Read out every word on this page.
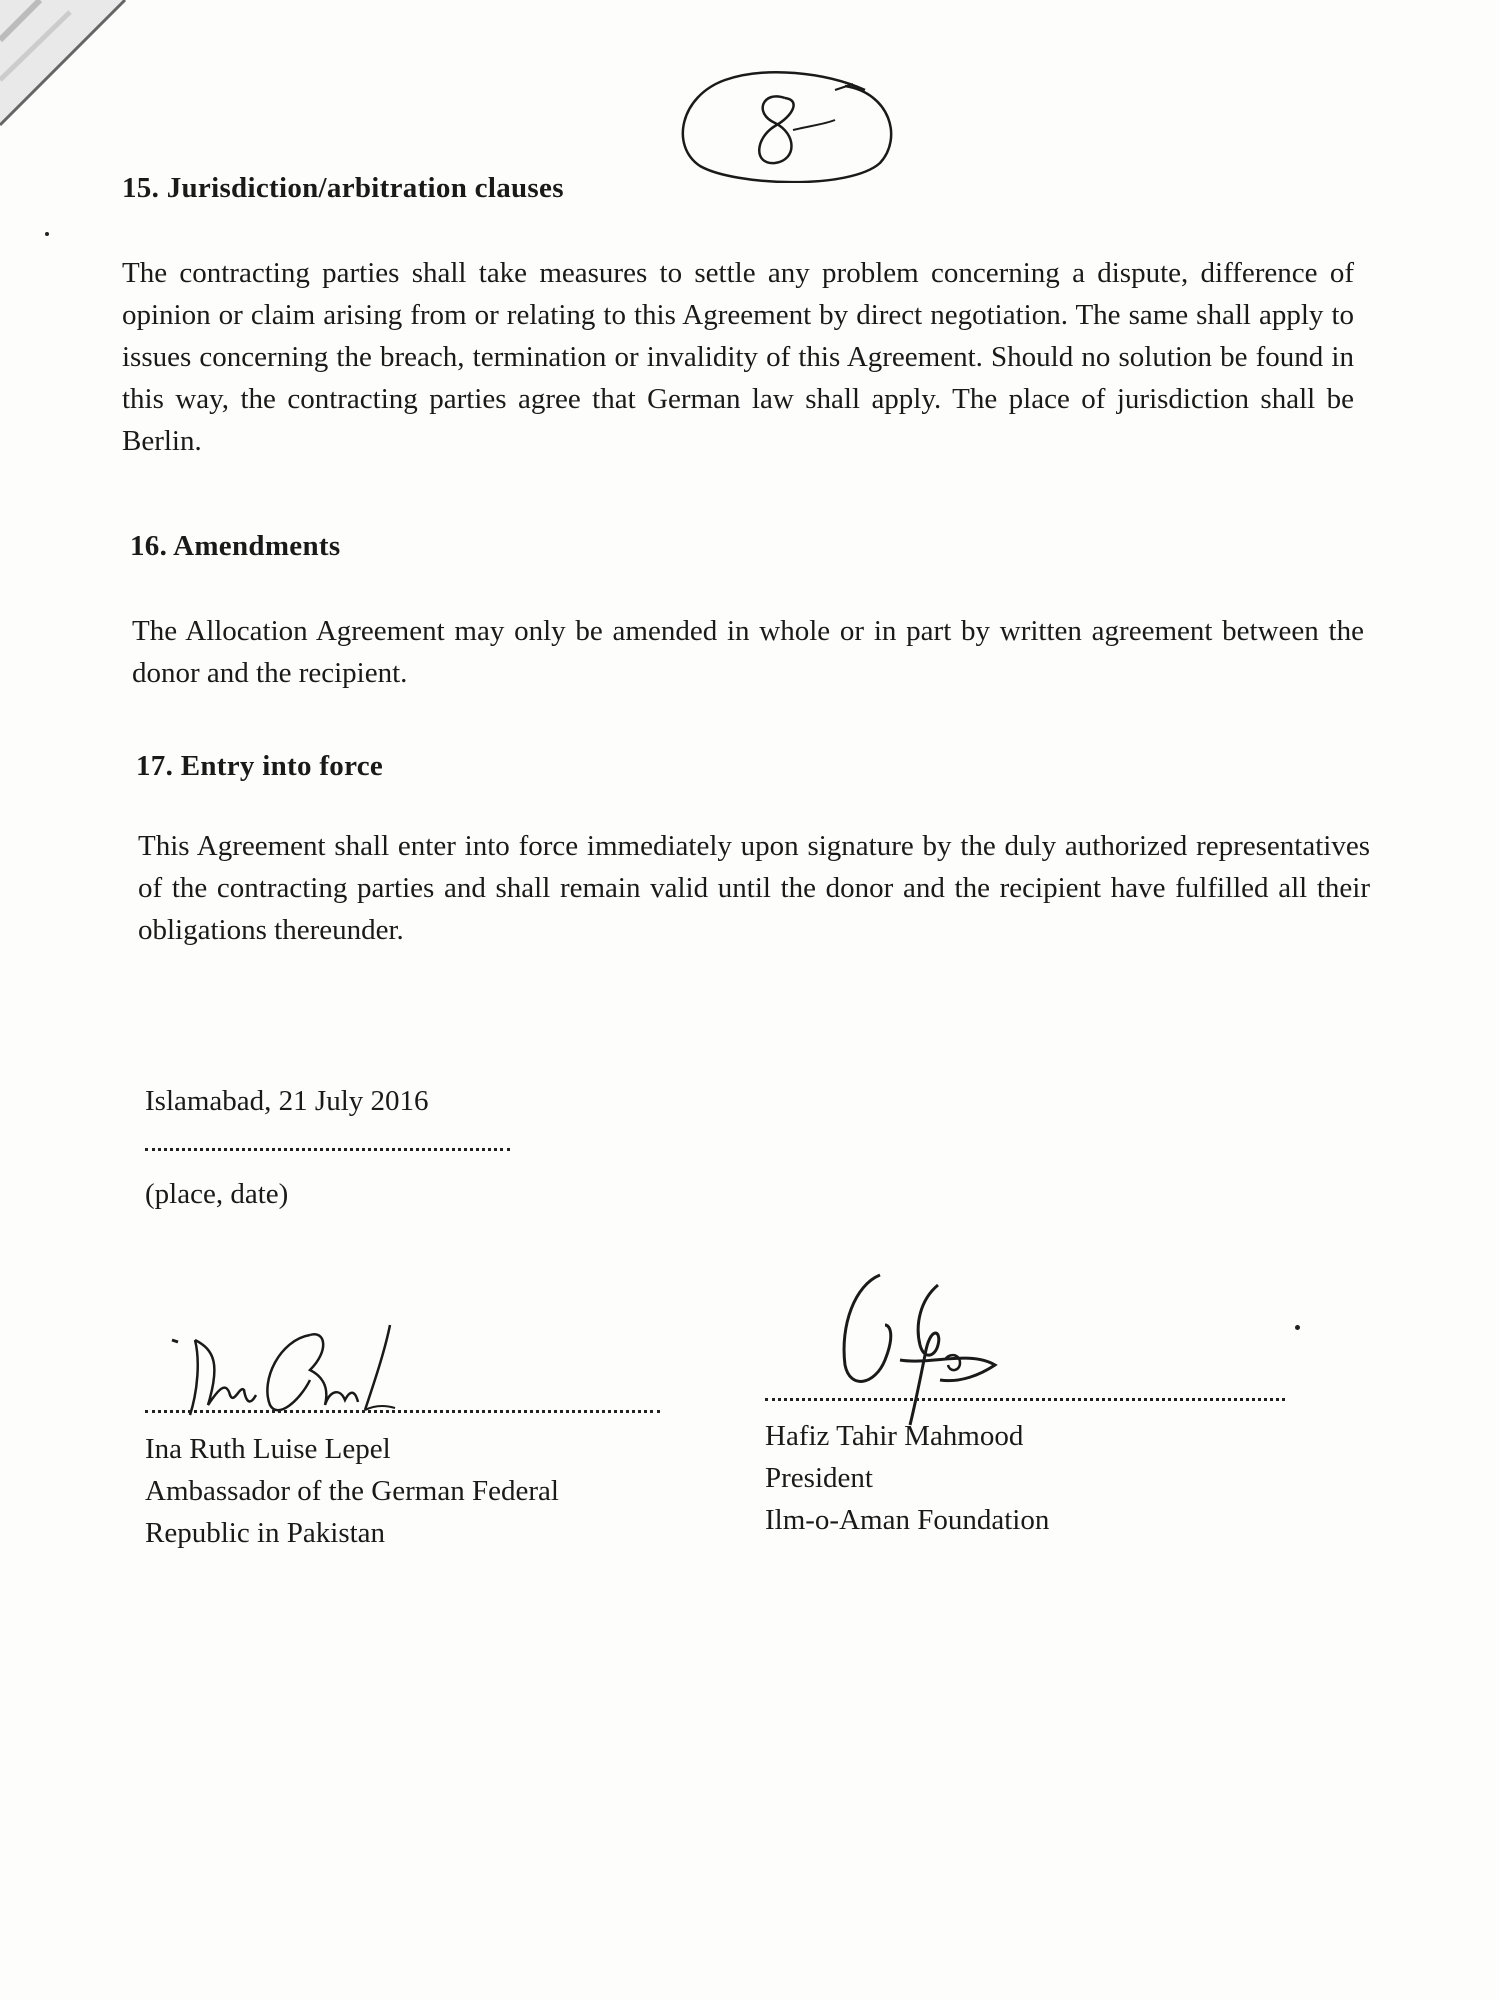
15. Jurisdiction/arbitration clauses

The contracting parties shall take measures to settle any problem concerning a dispute, difference of opinion or claim arising from or relating to this Agreement by direct negotiation. The same shall apply to issues concerning the breach, termination or invalidity of this Agreement. Should no solution be found in this way, the contracting parties agree that German law shall apply. The place of jurisdiction shall be Berlin.

16. Amendments

The Allocation Agreement may only be amended in whole or in part by written agreement between the donor and the recipient.

17. Entry into force

This Agreement shall enter into force immediately upon signature by the duly authorized representatives of the contracting parties and shall remain valid until the donor and the recipient have fulfilled all their obligations thereunder.

Islamabad, 21 July 2016
(place, date)
Ina Ruth Luise Lepel
Ambassador of the German Federal
Republic in Pakistan
Hafiz Tahir Mahmood
President
Ilm-o-Aman Foundation
